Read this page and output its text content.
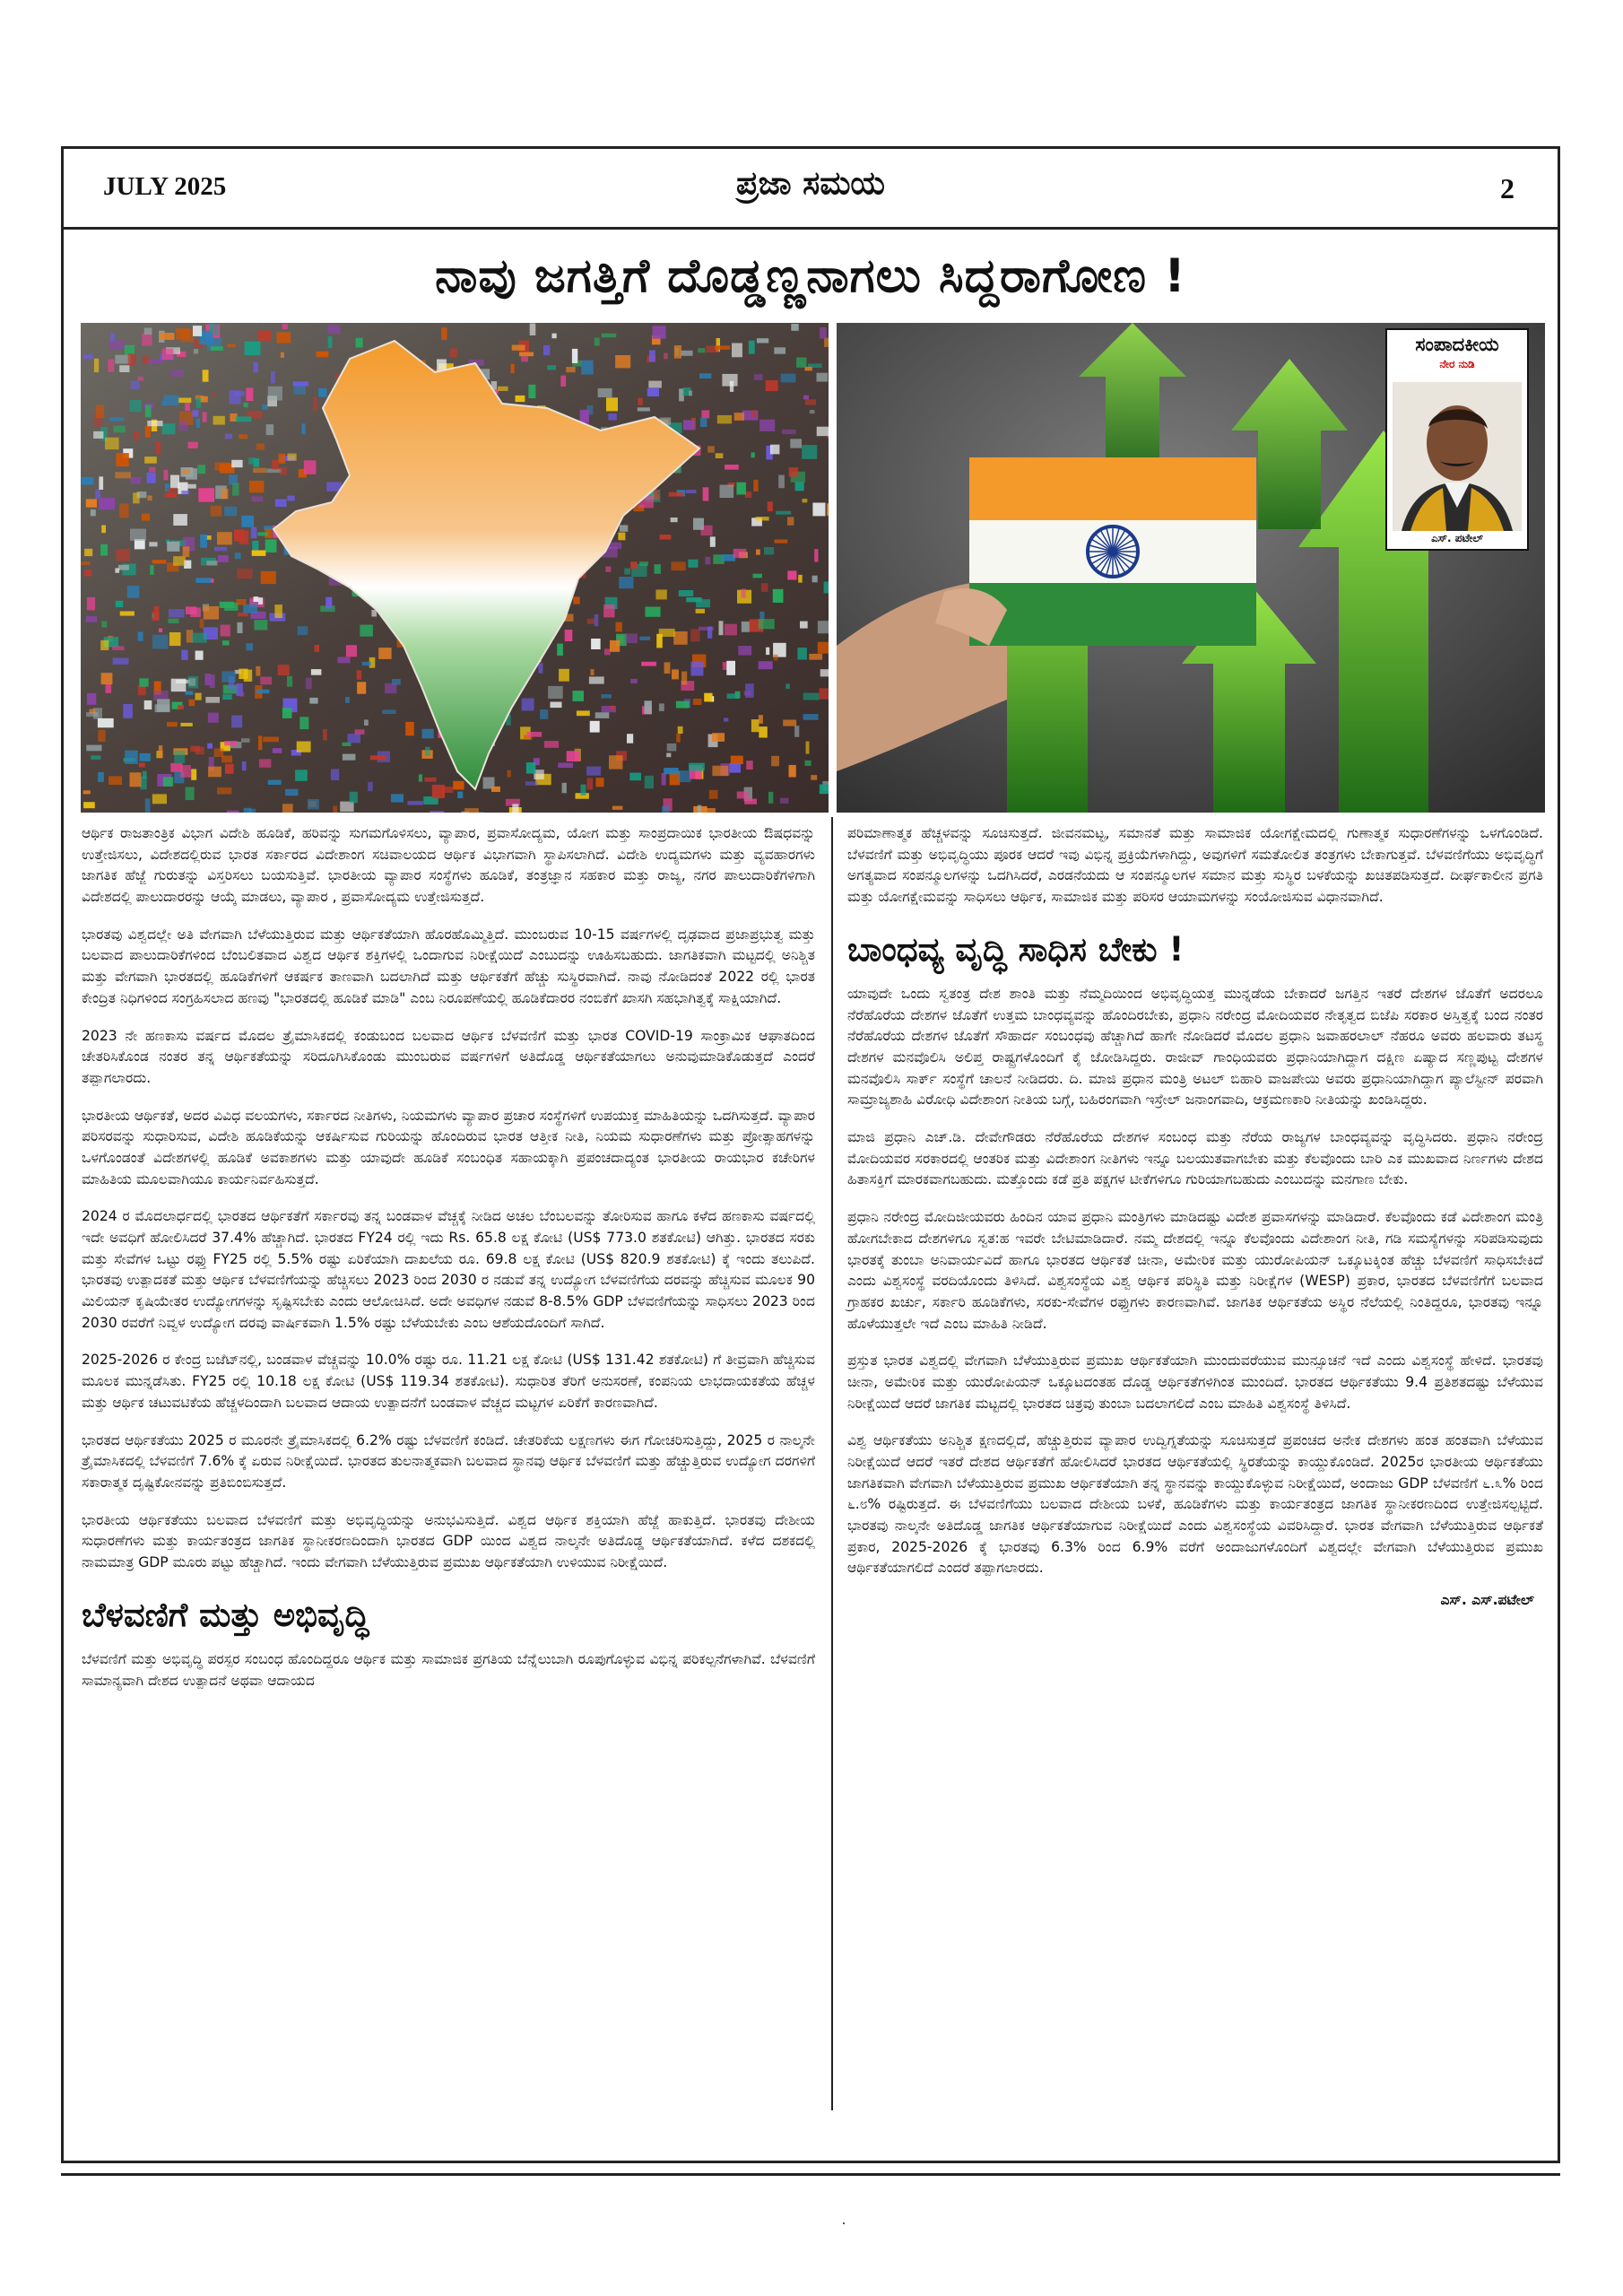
JULY 2025	ಪ್ರಜಾ ಸಮಯ	2
ನಾವು ಜಗತ್ತಿಗೆ ದೊಡ್ಡಣ್ಣನಾಗಲು ಸಿದ್ದರಾಗೋಣ !
ಸಂಪಾದಕೀಯ
ನೇರ ನುಡಿ
ಎಸ್. ಪಟೇಲ್

ಆರ್ಥಿಕ ರಾಜತಾಂತ್ರಿಕ ವಿಭಾಗ ವಿದೇಶಿ ಹೂಡಿಕೆ, ಹರಿವನ್ನು ಸುಗಮಗೊಳಿಸಲು, ವ್ಯಾಪಾರ, ಪ್ರವಾಸೋದ್ಯಮ, ಯೋಗ ಮತ್ತು ಸಾಂಪ್ರದಾಯಿಕ ಭಾರತೀಯ ಔಷಧವನ್ನು ಉತ್ತೇಜಿಸಲು, ವಿದೇಶದಲ್ಲಿರುವ ಭಾರತ ಸರ್ಕಾರದ ವಿದೇಶಾಂಗ ಸಚಿವಾಲಯದ ಆರ್ಥಿಕ ವಿಭಾಗವಾಗಿ ಸ್ಥಾಪಿಸಲಾಗಿದೆ. ವಿದೇಶಿ ಉದ್ಯಮಗಳು ಮತ್ತು ವ್ಯವಹಾರಗಳು ಜಾಗತಿಕ ಹೆಜ್ಜೆ ಗುರುತನ್ನು ವಿಸ್ತರಿಸಲು ಬಯಸುತ್ತಿವೆ. ಭಾರತೀಯ ವ್ಯಾಪಾರ ಸಂಸ್ಥೆಗಳು ಹೂಡಿಕೆ, ತಂತ್ರಜ್ಞಾನ ಸಹಕಾರ ಮತ್ತು ರಾಜ್ಯ, ನಗರ ಪಾಲುದಾರಿಕೆಗಳಿಗಾಗಿ ವಿದೇಶದಲ್ಲಿ ಪಾಲುದಾರರನ್ನು ಆಯ್ಕೆ ಮಾಡಲು, ವ್ಯಾಪಾರ , ಪ್ರವಾಸೋದ್ಯಮ ಉತ್ತೇಜಿಸುತ್ತದೆ.

ಭಾರತವು ವಿಶ್ವದಲ್ಲೇ ಅತಿ ವೇಗವಾಗಿ ಬೆಳೆಯುತ್ತಿರುವ ಮತ್ತು ಆರ್ಥಿಕತೆಯಾಗಿ ಹೊರಹೊಮ್ಮಿತ್ತಿದೆ. ಮುಂಬರುವ 10-15 ವರ್ಷಗಳಲ್ಲಿ ದೃಢವಾದ ಪ್ರಜಾಪ್ರಭುತ್ವ ಮತ್ತು ಬಲವಾದ ಪಾಲುದಾರಿಕೆಗಳಿಂದ ಬೆಂಬಲಿತವಾದ ವಿಶ್ವದ ಆರ್ಥಿಕ ಶಕ್ತಿಗಳಲ್ಲಿ ಒಂದಾಗುವ ನಿರೀಕ್ಷೆಯಿದೆ ಎಂಬುದನ್ನು ಊಹಿಸಬಹುದು. ಜಾಗತಿಕವಾಗಿ ಮಟ್ಟದಲ್ಲಿ ಅನಿಶ್ಚಿತ ಮತ್ತು ವೇಗವಾಗಿ ಭಾರತದಲ್ಲಿ ಹೂಡಿಕೆಗಳಿಗೆ ಆಕರ್ಷಕ ತಾಣವಾಗಿ ಬದಲಾಗಿದೆ ಮತ್ತು ಆರ್ಥಿಕತೆಗೆ ಹೆಚ್ಚು ಸುಸ್ಥಿರವಾಗಿದೆ. ನಾವು ನೋಡಿದಂತೆ 2022 ರಲ್ಲಿ ಭಾರತ ಕೇಂದ್ರಿತ ನಿಧಿಗಳಿಂದ ಸಂಗ್ರಹಿಸಲಾದ ಹಣವು "ಭಾರತದಲ್ಲಿ ಹೂಡಿಕೆ ಮಾಡಿ" ಎಂಬ ನಿರೂಪಣೆಯಲ್ಲಿ ಹೂಡಿಕೆದಾರರ ನಂಬಿಕೆಗೆ ಖಾಸಗಿ ಸಹಭಾಗಿತ್ವಕ್ಕೆ ಸಾಕ್ಷಿಯಾಗಿದೆ.

2023 ನೇ ಹಣಕಾಸು ವರ್ಷದ ಮೊದಲ ತ್ರೈಮಾಸಿಕದಲ್ಲಿ ಕಂಡುಬಂದ ಬಲವಾದ ಆರ್ಥಿಕ ಬೆಳವಣಿಗೆ ಮತ್ತು ಭಾರತ COVID-19 ಸಾಂಕ್ರಾಮಿಕ ಆಘಾತದಿಂದ ಚೇತರಿಸಿಕೊಂಡ ನಂತರ ತನ್ನ ಆರ್ಥಿಕತೆಯನ್ನು ಸರಿದೂಗಿಸಿಕೊಂಡು ಮುಂಬರುವ ವರ್ಷಗಳಿಗೆ ಅತಿದೊಡ್ಡ ಆರ್ಥಿಕತೆಯಾಗಲು ಅನುವುಮಾಡಿಕೊಡುತ್ತದೆ ಎಂದರೆ ತಪ್ಪಾಗಲಾರದು.

ಭಾರತೀಯ ಆರ್ಥಿಕತೆ, ಅದರ ವಿವಿಧ ವಲಯಗಳು, ಸರ್ಕಾರದ ನೀತಿಗಳು, ನಿಯಮಗಳು ವ್ಯಾಪಾರ ಪ್ರಚಾರ ಸಂಸ್ಥೆಗಳಿಗೆ ಉಪಯುಕ್ತ ಮಾಹಿತಿಯನ್ನು ಒದಗಿಸುತ್ತದೆ. ವ್ಯಾಪಾರ ಪರಿಸರವನ್ನು ಸುಧಾರಿಸುವ, ವಿದೇಶಿ ಹೂಡಿಕೆಯನ್ನು ಆಕರ್ಷಿಸುವ ಗುರಿಯನ್ನು ಹೊಂದಿರುವ ಭಾರತ ಆತ್ತೀಕ ನೀತಿ, ನಿಯಮ ಸುಧಾರಣೆಗಳು ಮತ್ತು ಪ್ರೋತ್ಸಾಹಗಳನ್ನು ಒಳಗೊಂಡಂತೆ ವಿದೇಶಗಳಲ್ಲಿ ಹೂಡಿಕೆ ಅವಕಾಶಗಳು ಮತ್ತು ಯಾವುದೇ ಹೂಡಿಕೆ ಸಂಬಂಧಿತ ಸಹಾಯಕ್ಕಾಗಿ ಪ್ರಪಂಚದಾದ್ಯಂತ ಭಾರತೀಯ ರಾಯಭಾರ ಕಚೇರಿಗಳ ಮಾಹಿತಿಯ ಮೂಲವಾಗಿಯೂ ಕಾರ್ಯನಿರ್ವಹಿಸುತ್ತದೆ.

2024 ರ ಮೊದಲಾರ್ಧದಲ್ಲಿ ಭಾರತದ ಆರ್ಥಿಕತೆಗೆ ಸರ್ಕಾರವು ತನ್ನ ಬಂಡವಾಳ ವೆಚ್ಚಕ್ಕೆ ನೀಡಿದ ಅಚಲ ಬೆಂಬಲವನ್ನು ತೋರಿಸುವ ಹಾಗೂ ಕಳೆದ ಹಣಕಾಸು ವರ್ಷದಲ್ಲಿ ಇದೇ ಅವಧಿಗೆ ಹೋಲಿಸಿದರೆ 37.4% ಹೆಚ್ಚಾಗಿದೆ. ಭಾರತದ FY24 ರಲ್ಲಿ ಇದು Rs. 65.8 ಲಕ್ಷ ಕೋಟಿ (US$ 773.0 ಶತಕೋಟಿ) ಆಗಿತ್ತು. ಭಾರತದ ಸರಕು ಮತ್ತು ಸೇವೆಗಳ ಒಟ್ಟು ರಫ್ತು FY25 ರಲ್ಲಿ 5.5% ರಷ್ಟು ಏರಿಕೆಯಾಗಿ ದಾಖಲೆಯ ರೂ. 69.8 ಲಕ್ಷ ಕೋಟಿ (US$ 820.9 ಶತಕೋಟಿ) ಕ್ಕೆ ಇಂದು ತಲುಪಿದೆ. ಭಾರತವು ಉತ್ಪಾದಕತೆ ಮತ್ತು ಆರ್ಥಿಕ ಬೆಳವಣಿಗೆಯನ್ನು ಹೆಚ್ಚಿಸಲು 2023 ರಿಂದ 2030 ರ ನಡುವೆ ತನ್ನ ಉದ್ಯೋಗ ಬೆಳವಣಿಗೆಯ ದರವನ್ನು ಹೆಚ್ಚಿಸುವ ಮೂಲಕ 90 ಮಿಲಿಯನ್ ಕೃಷಿಯೇತರ ಉದ್ಯೋಗಗಳನ್ನು ಸೃಷ್ಟಿಸಬೇಕು ಎಂದು ಆಲೋಚಿಸಿದೆ. ಅದೇ ಅವಧಿಗಳ ನಡುವೆ 8-8.5% GDP ಬೆಳವಣಿಗೆಯನ್ನು ಸಾಧಿಸಲು 2023 ರಿಂದ 2030 ರವರೆಗೆ ನಿವ್ವಳ ಉದ್ಯೋಗ ದರವು ವಾರ್ಷಿಕವಾಗಿ 1.5% ರಷ್ಟು ಬೆಳೆಯಬೇಕು ಎಂಬ ಆಶೆಯದೊಂದಿಗೆ ಸಾಗಿದೆ.

2025-2026 ರ ಕೇಂದ್ರ ಬಜೆಟ್‌ನಲ್ಲಿ, ಬಂಡವಾಳ ವೆಚ್ಚವನ್ನು 10.0% ರಷ್ಟು ರೂ. 11.21 ಲಕ್ಷ ಕೋಟಿ (US$ 131.42 ಶತಕೋಟಿ) ಗೆ ತೀವ್ರವಾಗಿ ಹೆಚ್ಚಿಸುವ ಮೂಲಕ ಮುನ್ನಡೆಸಿತು. FY25 ರಲ್ಲಿ 10.18 ಲಕ್ಷ ಕೋಟಿ (US$ 119.34 ಶತಕೋಟಿ). ಸುಧಾರಿತ ತೆರಿಗೆ ಅನುಸರಣೆ, ಕಂಪನಿಯ ಲಾಭದಾಯಕತೆಯ ಹೆಚ್ಚಳ ಮತ್ತು ಆರ್ಥಿಕ ಚಟುವಟಿಕೆಯ ಹೆಚ್ಚಳದಿಂದಾಗಿ ಬಲವಾದ ಆದಾಯ ಉತ್ಪಾದನೆಗೆ ಬಂಡವಾಳ ವೆಚ್ಚದ ಮಟ್ಟಗಳ ಏರಿಕೆಗೆ ಕಾರಣವಾಗಿದೆ.

ಭಾರತದ ಆರ್ಥಿಕತೆಯು 2025 ರ ಮೂರನೇ ತ್ರೈಮಾಸಿಕದಲ್ಲಿ 6.2% ರಷ್ಟು ಬೆಳವಣಿಗೆ ಕಂಡಿದೆ. ಚೇತರಿಕೆಯ ಲಕ್ಷಣಗಳು ಈಗ ಗೋಚರಿಸುತ್ತಿದ್ದು, 2025 ರ ನಾಲ್ಕನೇ ತ್ರೈಮಾಸಿಕದಲ್ಲಿ ಬೆಳವಣಿಗೆ 7.6% ಕ್ಕೆ ಏರುವ ನಿರೀಕ್ಷೆಯಿದೆ. ಭಾರತದ ತುಲನಾತ್ಮಕವಾಗಿ ಬಲವಾದ ಸ್ಥಾನವು ಆರ್ಥಿಕ ಬೆಳವಣಿಗೆ ಮತ್ತು ಹೆಚ್ಚುತ್ತಿರುವ ಉದ್ಯೋಗ ದರಗಳಿಗೆ ಸಕಾರಾತ್ಮಕ ದೃಷ್ಟಿಕೋನವನ್ನು ಪ್ರತಿಬಿಂಬಿಸುತ್ತದೆ.

ಭಾರತೀಯ ಆರ್ಥಿಕತೆಯು ಬಲವಾದ ಬೆಳವಣಿಗೆ ಮತ್ತು ಅಭಿವೃದ್ಧಿಯನ್ನು ಅನುಭವಿಸುತ್ತಿದೆ. ವಿಶ್ವದ ಆರ್ಥಿಕ ಶಕ್ತಿಯಾಗಿ ಹೆಜ್ಜೆ ಹಾಕುತ್ತಿದೆ. ಭಾರತವು ದೇಶೀಯ ಸುಧಾರಣೆಗಳು ಮತ್ತು ಕಾರ್ಯತಂತ್ರದ ಜಾಗತಿಕ ಸ್ಥಾನೀಕರಣದಿಂದಾಗಿ ಭಾರತದ GDP ಯಿಂದ ವಿಶ್ವದ ನಾಲ್ಕನೇ ಅತಿದೊಡ್ಡ ಆರ್ಥಿಕತೆಯಾಗಿದೆ. ಕಳೆದ ದಶಕದಲ್ಲಿ ನಾಮಮಾತ್ರ GDP ಮೂರು ಪಟ್ಟು ಹೆಚ್ಚಾಗಿದೆ. ಇಂದು ವೇಗವಾಗಿ ಬೆಳೆಯುತ್ತಿರುವ ಪ್ರಮುಖ ಆರ್ಥಿಕತೆಯಾಗಿ ಉಳಿಯುವ ನಿರೀಕ್ಷೆಯಿದೆ.

ಬೆಳವಣಿಗೆ ಮತ್ತು ಅಭಿವೃದ್ಧಿ

ಬೆಳವಣಿಗೆ ಮತ್ತು ಅಭಿವೃದ್ಧಿ ಪರಸ್ಪರ ಸಂಬಂಧ ಹೊಂದಿದ್ದರೂ ಆರ್ಥಿಕ ಮತ್ತು ಸಾಮಾಜಿಕ ಪ್ರಗತಿಯ ಬೆನ್ನೆಲುಬಾಗಿ ರೂಪುಗೊಳ್ಳುವ ವಿಭಿನ್ನ ಪರಿಕಲ್ಪನೆಗಳಾಗಿವೆ. ಬೆಳವಣಿಗೆ ಸಾಮಾನ್ಯವಾಗಿ ದೇಶದ ಉತ್ಪಾದನೆ ಅಥವಾ ಆದಾಯದ

ಪರಿಮಾಣಾತ್ಮಕ ಹೆಚ್ಚಳವನ್ನು ಸೂಚಿಸುತ್ತದೆ. ಜೀವನಮಟ್ಟ, ಸಮಾನತೆ ಮತ್ತು ಸಾಮಾಜಿಕ ಯೋಗಕ್ಷೇಮದಲ್ಲಿ ಗುಣಾತ್ಮಕ ಸುಧಾರಣೆಗಳನ್ನು ಒಳಗೊಂಡಿದೆ. ಬೆಳವಣಿಗೆ ಮತ್ತು ಅಭಿವೃದ್ಧಿಯು ಪೂರಕ ಆದರೆ ಇವು ವಿಭಿನ್ನ ಪ್ರಕ್ರಿಯೆಗಳಾಗಿದ್ದು, ಅವುಗಳಿಗೆ ಸಮತೋಲಿತ ತಂತ್ರಗಳು ಬೇಕಾಗುತ್ತವೆ. ಬೆಳವಣಿಗೆಯು ಅಭಿವೃದ್ಧಿಗೆ ಅಗತ್ಯವಾದ ಸಂಪನ್ಮೂಲಗಳನ್ನು ಒದಗಿಸಿದರೆ, ಎರಡನೆಯದು ಆ ಸಂಪನ್ಮೂಲಗಳ ಸಮಾನ ಮತ್ತು ಸುಸ್ಥಿರ ಬಳಕೆಯನ್ನು ಖಚಿತಪಡಿಸುತ್ತದೆ. ದೀರ್ಘಕಾಲೀನ ಪ್ರಗತಿ ಮತ್ತು ಯೋಗಕ್ಷೇಮವನ್ನು ಸಾಧಿಸಲು ಆರ್ಥಿಕ, ಸಾಮಾಜಿಕ ಮತ್ತು ಪರಿಸರ ಆಯಾಮಗಳನ್ನು ಸಂಯೋಜಿಸುವ ವಿಧಾನವಾಗಿದೆ.

ಬಾಂಧವ್ಯ ವೃದ್ಧಿ ಸಾಧಿಸ ಬೇಕು !

ಯಾವುದೇ ಒಂದು ಸ್ವತಂತ್ರ ದೇಶ ಶಾಂತಿ ಮತ್ತು ನೆಮ್ಮದಿಯಿಂದ ಅಭಿವೃದ್ಧಿಯತ್ತ ಮುನ್ನಡೆಯ ಬೇಕಾದರೆ ಜಗತ್ತಿನ ಇತರೆ ದೇಶಗಳ ಜೊತೆಗೆ ಅದರಲೂ ನೆರೆಹೊರೆಯ ದೇಶಗಳ ಜೊತೆಗೆ ಉತ್ತಮ ಬಾಂಧವ್ಯವನ್ನು ಹೊಂದಿರಬೇಕು, ಪ್ರಧಾನಿ ನರೇಂದ್ರ ಮೋದಿಯವರ ನೇತೃತ್ವದ ಬಿಜೆಪಿ ಸರಕಾರ ಅಸ್ತಿತ್ವಕ್ಕೆ ಬಂದ ನಂತರ ನೆರೆಹೊರೆಯ ದೇಶಗಳ ಜೊತೆಗೆ ಸೌಹಾರ್ದ ಸಂಬಂಧವು ಹೆಚ್ಚಾಗಿದೆ ಹಾಗೇ ನೋಡಿದರೆ ಮೊದಲ ಪ್ರಧಾನಿ ಜವಾಹರಲಾಲ್ ನೆಹರೂ ಅವರು ಹಲವಾರು ತಟಸ್ಥ ದೇಶಗಳ ಮನವೊಲಿಸಿ ಅಲಿಪ್ತ ರಾಷ್ಟ್ರಗಳೊಂದಿಗೆ ಕೈ ಜೋಡಿಸಿದ್ದರು. ರಾಜೀವ್ ಗಾಂಧಿಯವರು ಪ್ರಧಾನಿಯಾಗಿದ್ದಾಗ ದಕ್ಷಿಣ ಏಷ್ಯಾದ ಸಣ್ಣಪುಟ್ಟ ದೇಶಗಳ ಮನವೊಲಿಸಿ ಸಾರ್ಕ್ ಸಂಸ್ಥೆಗೆ ಚಾಲನೆ ನೀಡಿದರು. ದಿ. ಮಾಜಿ ಪ್ರಧಾನ ಮಂತ್ರಿ ಅಟಲ್ ಬಿಹಾರಿ ವಾಜಪೇಯಿ ಅವರು ಪ್ರಧಾನಿಯಾಗಿದ್ದಾಗ ಪ್ಯಾಲೆಸ್ಟೀನ್ ಪರವಾಗಿ ಸಾಮ್ರಾಜ್ಯಶಾಹಿ ವಿರೋಧಿ ವಿದೇಶಾಂಗ ನೀತಿಯ ಬಗ್ಗೆ, ಬಹಿರಂಗವಾಗಿ ಇಸ್ರೇಲ್ ಜನಾಂಗವಾದಿ, ಆಕ್ರಮಣಕಾರಿ ನೀತಿಯನ್ನು ಖಂಡಿಸಿದ್ದರು.

ಮಾಜಿ ಪ್ರಧಾನಿ ಎಚ್.ಡಿ. ದೇವೇಗೌಡರು ನೆರೆಹೊರೆಯ ದೇಶಗಳ ಸಂಬಂಧ ಮತ್ತು ನೆರೆಯ ರಾಜ್ಯಗಳ ಬಾಂಧವ್ಯವನ್ನು ವೃದ್ಧಿಸಿದರು. ಪ್ರಧಾನಿ ನರೇಂದ್ರ ಮೋದಿಯವರ ಸರಕಾರದಲ್ಲಿ ಆಂತರಿಕ ಮತ್ತು ವಿದೇಶಾಂಗ ನೀತಿಗಳು ಇನ್ನೂ ಬಲಯುತವಾಗಬೇಕು ಮತ್ತು ಕೆಲವೊಂದು ಬಾರಿ ಎಕ ಮುಖವಾದ ನಿರ್ಣಗಳು ದೇಶದ ಹಿತಾಸಕ್ತಿಗೆ ಮಾರಕವಾಗಬಹುದು. ಮತ್ತೊಂದು ಕಡೆ ಪ್ರತಿ ಪಕ್ಷಗಳ ಟೀಕೆಗಳಿಗೂ ಗುರಿಯಾಗಬಹುದು ಎಂಬುದನ್ನು ಮನಗಾಣ ಬೇಕು.

ಪ್ರಧಾನಿ ನರೇಂದ್ರ ಮೋದಿಜೀಯವರು ಹಿಂದಿನ ಯಾವ ಪ್ರಧಾನಿ ಮಂತ್ರಿಗಳು ಮಾಡಿದಷ್ಟು ವಿದೇಶ ಪ್ರವಾಸಗಳನ್ನು ಮಾಡಿದಾರೆ. ಕೆಲವೊಂದು ಕಡೆ ವಿದೇಶಾಂಗ ಮಂತ್ರಿ ಹೋಗಬೇಕಾದ ದೇಶಗಳಿಗೂ ಸ್ವತ:ಹ ಇವರೇ ಬೇಟಿಮಾಡಿದಾರೆ. ನಮ್ಮ ದೇಶದಲ್ಲಿ ಇನ್ನೂ ಕೆಲವೊಂದು ವಿದೇಶಾಂಗ ನೀತಿ, ಗಡಿ ಸಮಸ್ಯೆಗಳನ್ನು ಸರಿಪಡಿಸುವುದು ಭಾರತಕ್ಕೆ ತುಂಬಾ ಅನಿವಾರ್ಯವಿದೆ ಹಾಗೂ ಭಾರತದ ಆರ್ಥಿಕತೆ ಚೀನಾ, ಅಮೇರಿಕ ಮತ್ತು ಯುರೋಪಿಯನ್ ಒಕ್ಕೂಟಕ್ಕಿಂತ ಹೆಚ್ಚು ಬೆಳವಣಿಗೆ ಸಾಧಿಸಬೇಕಿದೆ ಎಂದು ವಿಶ್ವಸಂಸ್ಥೆ ವರದಿಯೊಂದು ತಿಳಿಸಿದೆ. ವಿಶ್ವಸಂಸ್ಥೆಯ ವಿಶ್ವ ಆರ್ಥಿಕ ಪರಿಸ್ಥಿತಿ ಮತ್ತು ನಿರೀಕ್ಷೆಗಳ (WESP) ಪ್ರಕಾರ, ಭಾರತದ ಬೆಳವಣಿಗೆಗೆ ಬಲವಾದ ಗ್ರಾಹಕರ ಖರ್ಚು, ಸರ್ಕಾರಿ ಹೂಡಿಕೆಗಳು, ಸರಕು-ಸೇವೆಗಳ ರಫ್ತುಗಳು ಕಾರಣವಾಗಿವೆ. ಜಾಗತಿಕ ಆರ್ಥಿಕತೆಯ ಅಸ್ಥಿರ ನೆಲೆಯಲ್ಲಿ ನಿಂತಿದ್ದರೂ, ಭಾರತವು ಇನ್ನೂ ಹೊಳೆಯುತ್ತಲೇ ಇದೆ ಎಂಬ ಮಾಹಿತಿ ನೀಡಿದೆ.

ಪ್ರಸ್ತುತ ಭಾರತ ವಿಶ್ವದಲ್ಲಿ ವೇಗವಾಗಿ ಬೆಳೆಯುತ್ತಿರುವ ಪ್ರಮುಖ ಆರ್ಥಿಕತೆಯಾಗಿ ಮುಂದುವರೆಯುವ ಮುನ್ಸೂಚನೆ ಇದೆ ಎಂದು ವಿಶ್ವಸಂಸ್ಥೆ ಹೇಳಿದೆ. ಭಾರತವು ಚೀನಾ, ಅಮೇರಿಕ ಮತ್ತು ಯುರೋಪಿಯನ್ ಒಕ್ಕೂಟದಂತಹ ದೊಡ್ಡ ಆರ್ಥಿಕತೆಗಳಿಗಿಂತ ಮುಂದಿದೆ. ಭಾರತದ ಆರ್ಥಿಕತೆಯು 9.4 ಪ್ರತಿಶತದಷ್ಟು ಬೆಳೆಯುವ ನಿರೀಕ್ಷೆಯಿದೆ ಆದರೆ ಜಾಗತಿಕ ಮಟ್ಟದಲ್ಲಿ ಭಾರತದ ಚಿತ್ರವು ತುಂಬಾ ಬದಲಾಗಲಿದೆ ಎಂಬ ಮಾಹಿತಿ ವಿಶ್ವಸಂಸ್ಥೆ ತಿಳಿಸಿದೆ.

ವಿಶ್ವ ಆರ್ಥಿಕತೆಯು ಅನಿಶ್ಚಿತ ಕ್ಷಣದಲ್ಲಿದೆ, ಹೆಚ್ಚುತ್ತಿರುವ ವ್ಯಾಪಾರ ಉದ್ವಿಗ್ನತೆಯನ್ನು ಸೂಚಿಸುತ್ತದೆ ಪ್ರಪಂಚದ ಅನೇಕ ದೇಶಗಳು ಹಂತ ಹಂತವಾಗಿ ಬೆಳೆಯುವ ನಿರೀಕ್ಷೆಯಿದೆ ಆದರೆ ಇತರೆ ದೇಶದ ಆರ್ಥಿಕತೆಗೆ ಹೋಲಿಸಿದರೆ ಭಾರತದ ಆರ್ಥಿಕತೆಯಲ್ಲಿ ಸ್ಥಿರತೆಯನ್ನು ಕಾಯ್ದುಕೊಂಡಿದೆ. 2025ರ ಭಾರತೀಯ ಆರ್ಥಿಕತೆಯು ಜಾಗತಿಕವಾಗಿ ವೇಗವಾಗಿ ಬೆಳೆಯುತ್ತಿರುವ ಪ್ರಮುಖ ಆರ್ಥಿಕತೆಯಾಗಿ ತನ್ನ ಸ್ಥಾನವನ್ನು ಕಾಯ್ದುಕೊಳ್ಳುವ ನಿರೀಕ್ಷೆಯಿದೆ, ಅಂದಾಜು GDP ಬೆಳವಣಿಗೆ ೬.೩% ರಿಂದ ೬.೮% ರಷ್ಟಿರುತ್ತದೆ. ಈ ಬೆಳವಣಿಗೆಯು ಬಲವಾದ ದೇಶೀಯ ಬಳಕೆ, ಹೂಡಿಕೆಗಳು ಮತ್ತು ಕಾರ್ಯತಂತ್ರದ ಜಾಗತಿಕ ಸ್ಥಾನೀಕರಣದಿಂದ ಉತ್ತೇಜಿಸಲ್ಪಟ್ಟಿದೆ. ಭಾರತವು ನಾಲ್ಕನೇ ಅತಿದೊಡ್ಡ ಜಾಗತಿಕ ಆರ್ಥಿಕತೆಯಾಗುವ ನಿರೀಕ್ಷೆಯಿದೆ ಎಂದು ವಿಶ್ವಸಂಸ್ಥೆಯ ವಿವರಿಸಿದ್ದಾರೆ. ಭಾರತ ವೇಗವಾಗಿ ಬೆಳೆಯುತ್ತಿರುವ ಆರ್ಥಿಕತೆ ಪ್ರಕಾರ, 2025-2026 ಕ್ಕೆ ಭಾರತವು 6.3% ರಿಂದ 6.9% ವರೆಗೆ ಅಂದಾಜುಗಳೊಂದಿಗೆ ವಿಶ್ವದಲ್ಲೇ ವೇಗವಾಗಿ ಬೆಳೆಯುತ್ತಿರುವ ಪ್ರಮುಖ ಆರ್ಥಿಕತೆಯಾಗಲಿದೆ ಎಂದರೆ ತಪ್ಪಾಗಲಾರದು.

ಎಸ್. ಎಸ್.ಪಟೇಲ್
